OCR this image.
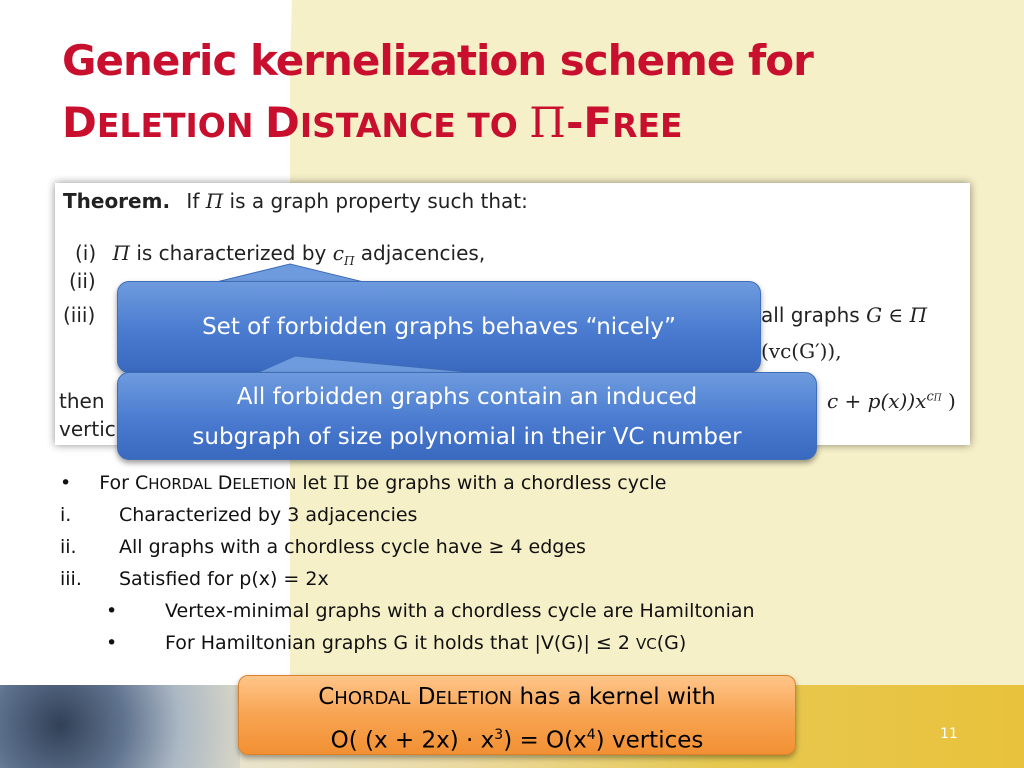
Generic kernelization scheme for
DELETION DISTANCE TO Π-FREE
Theorem. If Π is a graph property such that:
(i) Π is characterized by $c_\Pi$ adjacencies,
(ii)
(iii)	all graphs G ∈ Π
(vc(G′)),
then
vertic
$c + p(x))x^{c\Pi}$ )
Set of forbidden graphs behaves “nicely”
All forbidden graphs contain an induced
subgraph of size polynomial in their VC number
• For CHORDAL DELETION let Π be graphs with a chordless cycle
i.	Characterized by 3 adjacencies
ii. All graphs with a chordless cycle have ≥ 4 edges
iii. Satisfied for p(x) = 2x
•	Vertex-minimal graphs with a chordless cycle are Hamiltonian
•	For Hamiltonian graphs G it holds that |V(G)| ≤ 2 VC(G)
CHORDAL DELETION has a kernel with
O( $(x + 2x) \cdot x^3) = O(x^4)$ vertices	11
